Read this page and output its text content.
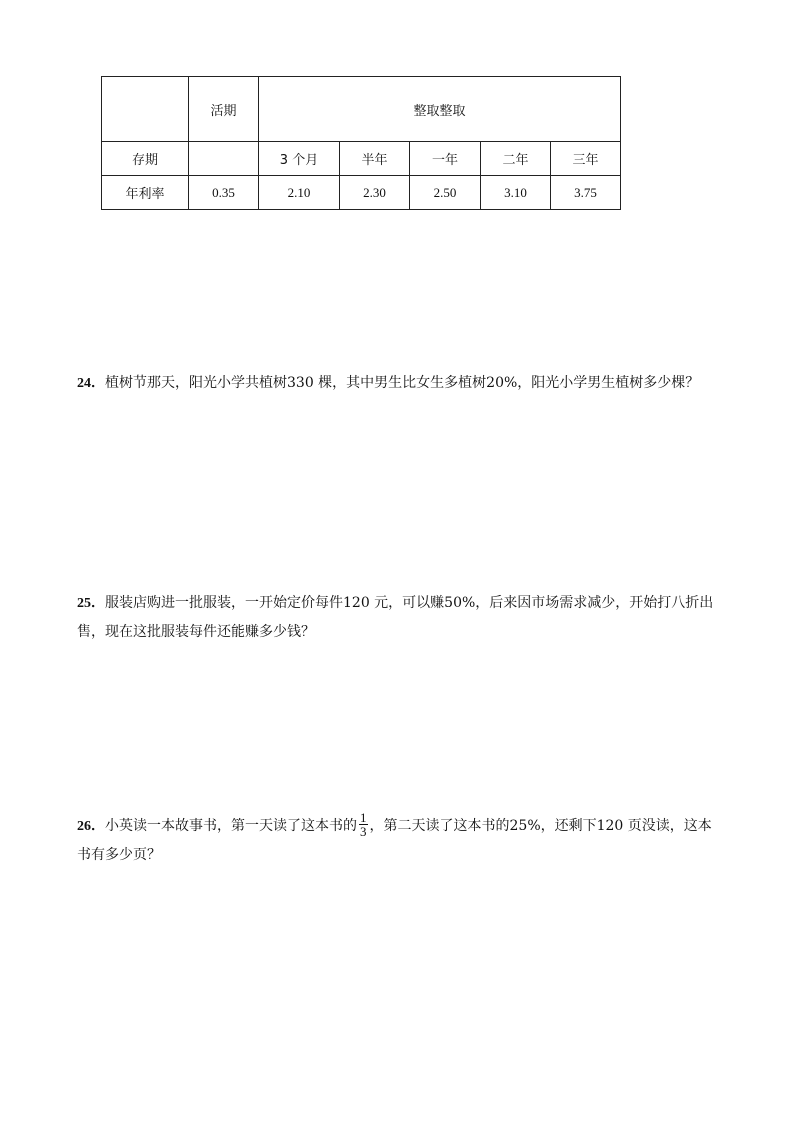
	活期	整取整取				
存期		3 个月	半年	一年	二年	三年
年利率	0.35	2.10	2.30	2.50	3.10	3.75
24．植树节那天，阳光小学共植树330 棵，其中男生比女生多植树20%，阳光小学男生植树多少棵？
25．服装店购进一批服装，一开始定价每件120 元，可以赚50%，后来因市场需求减少，开始打八折出售，现在这批服装每件还能赚多少钱？
26．小英读一本故事书，第一天读了这本书的 $\frac{1}{3}$ ，第二天读了这本书的25%，还剩下120 页没读，这本书有多少页？
